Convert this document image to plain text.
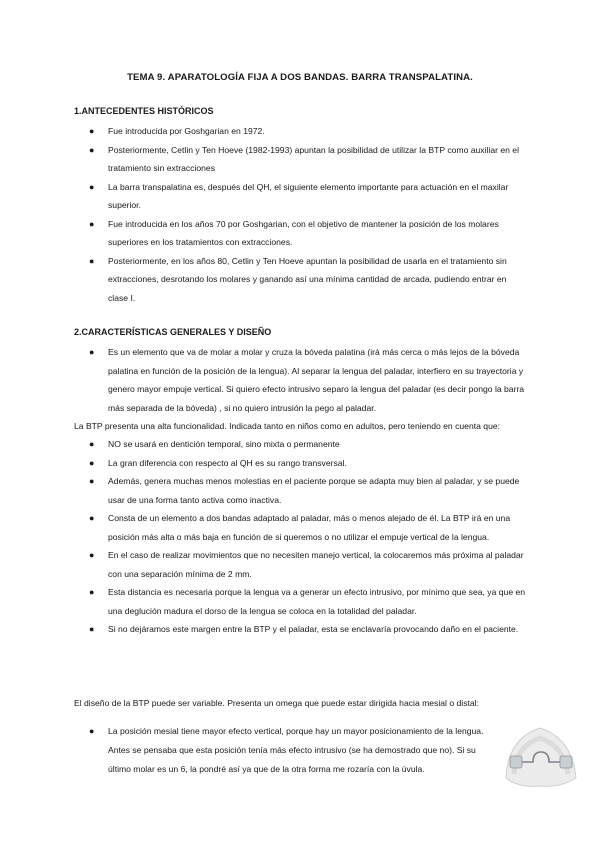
TEMA 9. APARATOLOGÍA FIJA A DOS BANDAS. BARRA TRANSPALATINA.
1.ANTECEDENTES HISTÓRICOS
● Fue introducida por Goshgarian en 1972.
● Posteriormente, Cetlin y Ten Hoeve (1982-1993) apuntan la posibilidad de utilizar la BTP como auxiliar en el tratamiento sin extracciones
● La barra transpalatina es, después del QH, el siguiente elemento importante para actuación en el maxilar superior.
● Fue introducida en los años 70 por Goshgarian, con el objetivo de mantener la posición de los molares superiores en los tratamientos con extracciones.
● Posteriormente, en los años 80, Cetlin y Ten Hoeve apuntan la posibilidad de usarla en el tratamiento sin extracciones, desrotando los molares y ganando así una mínima cantidad de arcada, pudiendo entrar en clase I.
2.CARACTERÍSTICAS GENERALES Y DISEÑO
● Es un elemento que va de molar a molar y cruza la bóveda palatina (irá más cerca o más lejos de la bóveda palatina en función de la posición de la lengua). Al separar la lengua del paladar, interfiero en su trayectoria y genero mayor empuje vertical. Si quiero efecto intrusivo separo la lengua del paladar (es decir pongo la barra más separada de la bóveda) , si no quiero intrusión la pego al paladar.
La BTP presenta una alta funcionalidad. Indicada tanto en niños como en adultos, pero teniendo en cuenta que:
● NO se usará en dentición temporal, sino mixta o permanente
● La gran diferencia con respecto al QH es su rango transversal.
● Además, genera muchas menos molestias en el paciente porque se adapta muy bien al paladar, y se puede usar de una forma tanto activa como inactiva.
● Consta de un elemento a dos bandas adaptado al paladar, más o menos alejado de él. La BTP irá en una posición más alta o más baja en función de si queremos o no utilizar el empuje vertical de la lengua.
● En el caso de realizar movimientos que no necesiten manejo vertical, la colocaremos más próxima al paladar con una separación mínima de 2 mm.
● Esta distancia es necesaria porque la lengua va a generar un efecto intrusivo, por mínimo que sea, ya que en una deglución madura el dorso de la lengua se coloca en la totalidad del paladar.
● Si no dejáramos este margen entre la BTP y el paladar, esta se enclavaría provocando daño en el paciente.
El diseño de la BTP puede ser variable. Presenta un omega que puede estar dirigida hacia mesial o distal:
● La posición mesial tiene mayor efecto vertical, porque hay un mayor posicionamiento de la lengua. Antes se pensaba que esta posición tenía más efecto intrusivo (se ha demostrado que no). Si su último molar es un 6, la pondré así ya que de la otra forma me rozaría con la úvula.
